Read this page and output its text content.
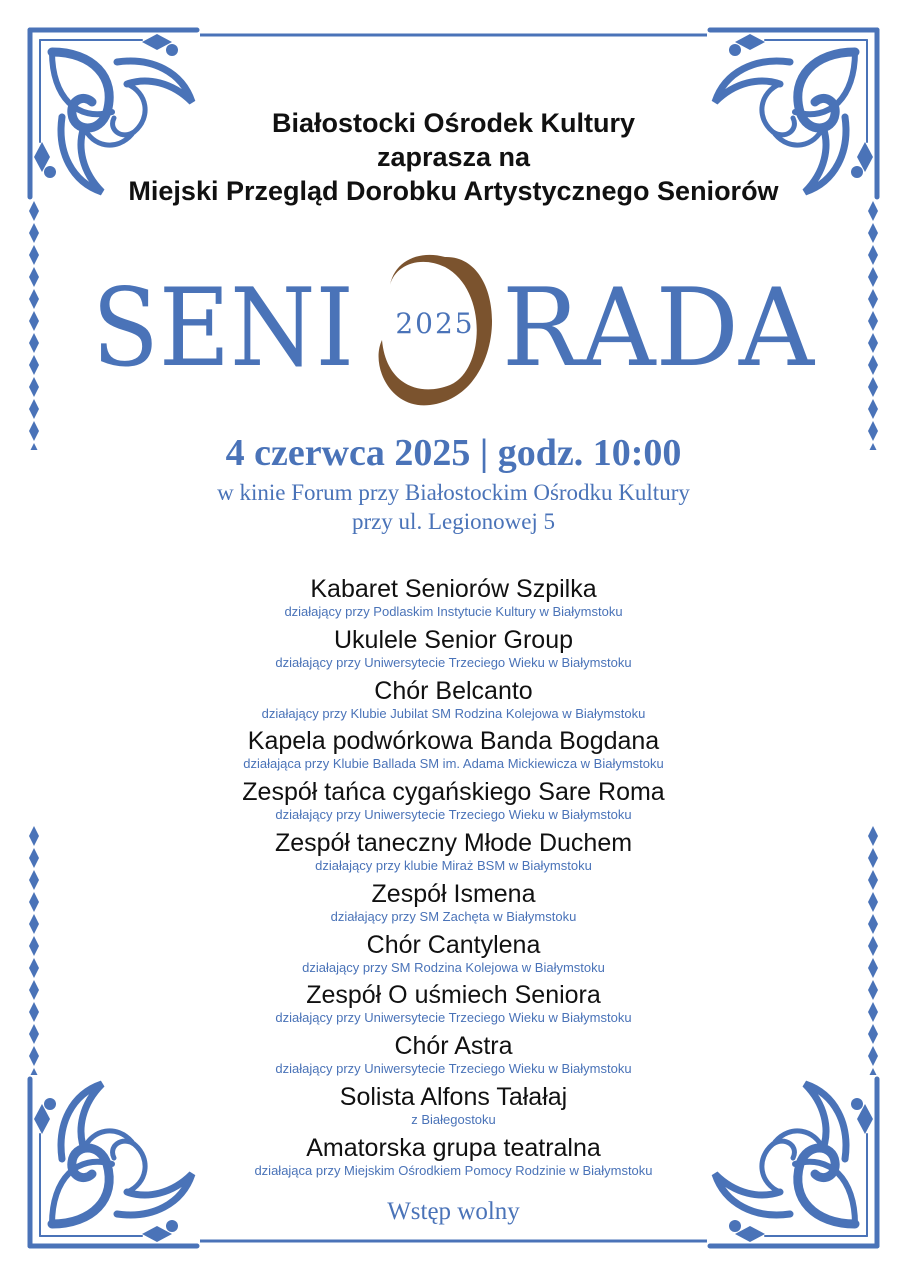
Białostocki Ośrodek Kultury
zaprasza na
Miejski Przegląd Dorobku Artystycznego Seniorów
SENI 2025 RADA
4 czerwca 2025 | godz. 10:00
w kinie Forum przy Białostockim Ośrodku Kultury
przy ul. Legionowej 5
Kabaret Seniorów Szpilka
działający przy Podlaskim Instytucie Kultury w Białymstoku
Ukulele Senior Group
działający przy Uniwersytecie Trzeciego Wieku w Białymstoku
Chór Belcanto
działający przy Klubie Jubilat SM Rodzina Kolejowa w Białymstoku
Kapela podwórkowa Banda Bogdana
działająca przy Klubie Ballada SM im. Adama Mickiewicza w Białymstoku
Zespół tańca cygańskiego Sare Roma
działający przy Uniwersytecie Trzeciego Wieku w Białymstoku
Zespół taneczny Młode Duchem
działający przy klubie Miraż BSM w Białymstoku
Zespół Ismena
działający przy SM Zachęta w Białymstoku
Chór Cantylena
działający przy SM Rodzina Kolejowa w Białymstoku
Zespół O uśmiech Seniora
działający przy Uniwersytecie Trzeciego Wieku w Białymstoku
Chór Astra
działający przy Uniwersytecie Trzeciego Wieku w Białymstoku
Solista Alfons Tałałaj
z Białegostoku
Amatorska grupa teatralna
działająca przy Miejskim Ośrodkiem Pomocy Rodzinie w Białymstoku
Wstęp wolny
